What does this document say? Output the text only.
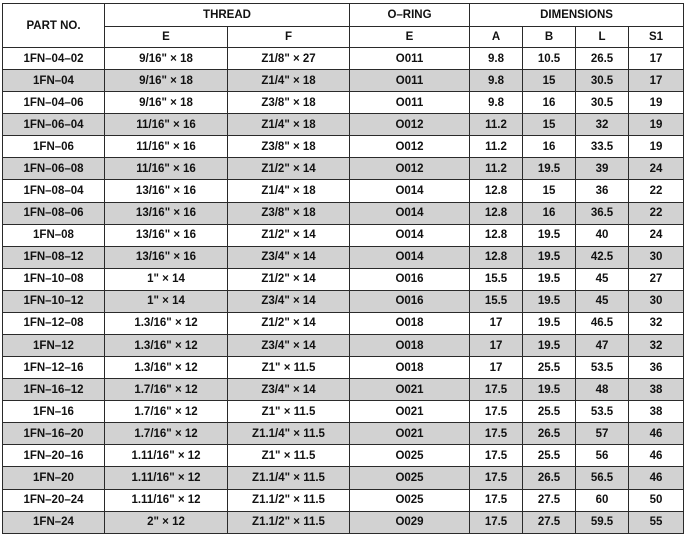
PART NO.	THREAD		O–RING	DIMENSIONS			
	E	F	E	A	B	L	S1
1FN–04–02	9/16" × 18	Z1/8" × 27	O011	9.8	10.5	26.5	17
1FN–04	9/16" × 18	Z1/4" × 18	O011	9.8	15	30.5	17
1FN–04–06	9/16" × 18	Z3/8" × 18	O011	9.8	16	30.5	19
1FN–06–04	11/16" × 16	Z1/4" × 18	O012	11.2	15	32	19
1FN–06	11/16" × 16	Z3/8" × 18	O012	11.2	16	33.5	19
1FN–06–08	11/16" × 16	Z1/2" × 14	O012	11.2	19.5	39	24
1FN–08–04	13/16" × 16	Z1/4" × 18	O014	12.8	15	36	22
1FN–08–06	13/16" × 16	Z3/8" × 18	O014	12.8	16	36.5	22
1FN–08	13/16" × 16	Z1/2" × 14	O014	12.8	19.5	40	24
1FN–08–12	13/16" × 16	Z3/4" × 14	O014	12.8	19.5	42.5	30
1FN–10–08	1" × 14	Z1/2" × 14	O016	15.5	19.5	45	27
1FN–10–12	1" × 14	Z3/4" × 14	O016	15.5	19.5	45	30
1FN–12–08	1.3/16" × 12	Z1/2" × 14	O018	17	19.5	46.5	32
1FN–12	1.3/16" × 12	Z3/4" × 14	O018	17	19.5	47	32
1FN–12–16	1.3/16" × 12	Z1" × 11.5	O018	17	25.5	53.5	36
1FN–16–12	1.7/16" × 12	Z3/4" × 14	O021	17.5	19.5	48	38
1FN–16	1.7/16" × 12	Z1" × 11.5	O021	17.5	25.5	53.5	38
1FN–16–20	1.7/16" × 12	Z1.1/4" × 11.5	O021	17.5	26.5	57	46
1FN–20–16	1.11/16" × 12	Z1" × 11.5	O025	17.5	25.5	56	46
1FN–20	1.11/16" × 12	Z1.1/4" × 11.5	O025	17.5	26.5	56.5	46
1FN–20–24	1.11/16" × 12	Z1.1/2" × 11.5	O025	17.5	27.5	60	50
1FN–24	2" × 12	Z1.1/2" × 11.5	O029	17.5	27.5	59.5	55
